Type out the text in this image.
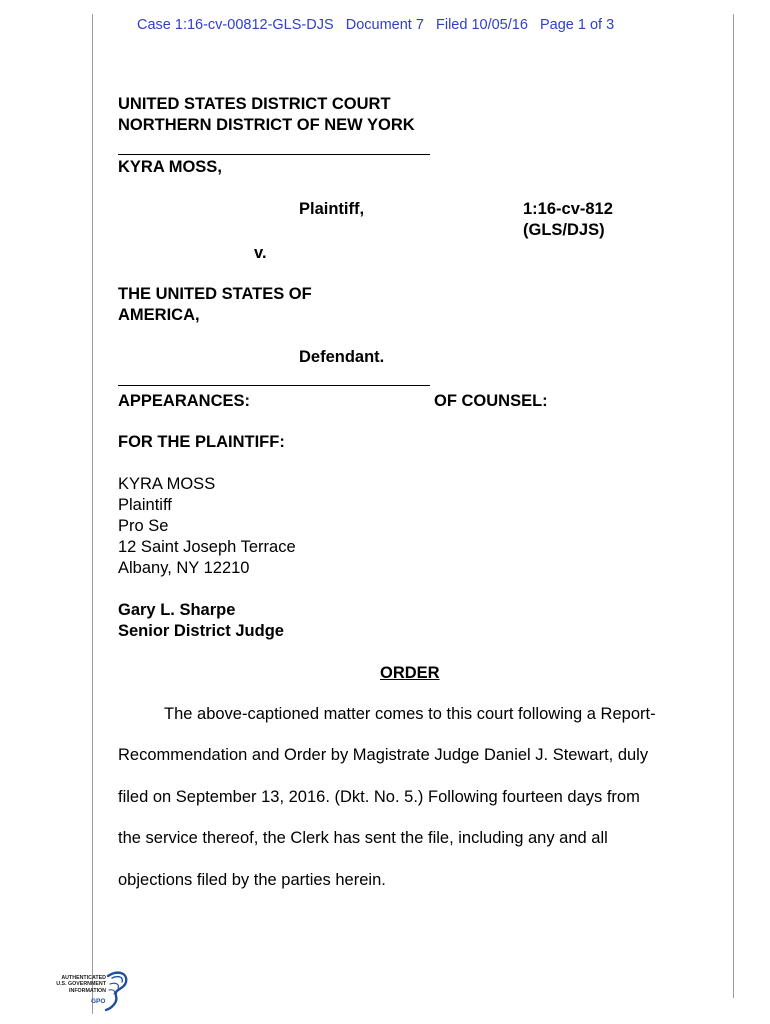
Case 1:16-cv-00812-GLS-DJS   Document 7   Filed 10/05/16   Page 1 of 3
UNITED STATES DISTRICT COURT
NORTHERN DISTRICT OF NEW YORK
KYRA MOSS,
Plaintiff,	1:16-cv-812
(GLS/DJS)
v.
THE UNITED STATES OF
AMERICA,
Defendant.
APPEARANCES:	OF COUNSEL:
FOR THE PLAINTIFF:
KYRA MOSS
Plaintiff
Pro Se
12 Saint Joseph Terrace
Albany, NY 12210
Gary L. Sharpe
Senior District Judge
ORDER
The above-captioned matter comes to this court following a Report-
Recommendation and Order by Magistrate Judge Daniel J. Stewart, duly
filed on September 13, 2016. (Dkt. No. 5.) Following fourteen days from
the service thereof, the Clerk has sent the file, including any and all
objections filed by the parties herein.
AUTHENTICATED
U.S. GOVERNMENT
INFORMATION
GPO
